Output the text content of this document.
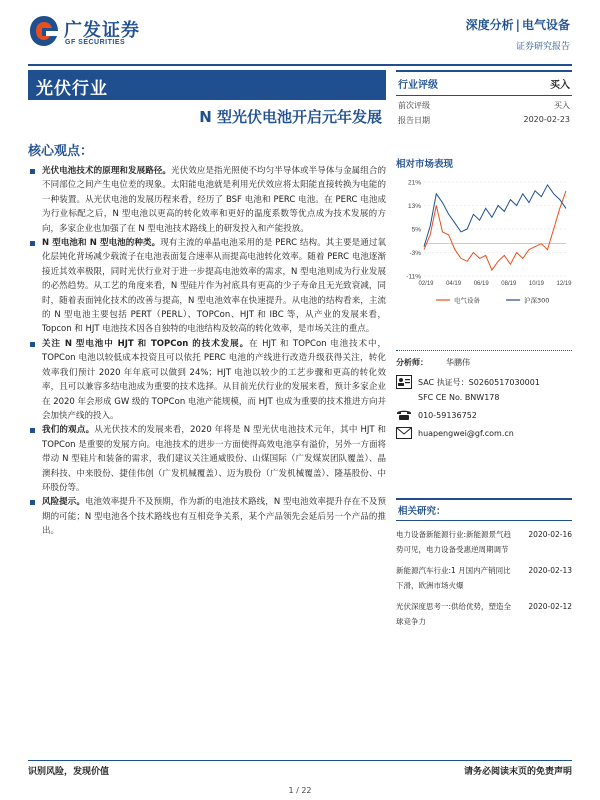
广发证券
GF SECURITIES
深度分析 | 电气设备
证券研究报告
光伏行业
N 型光伏电池开启元年发展
核心观点：
光伏电池技术的原理和发展路径。光伏效应是指光照使不均匀半导体或半导体与金属组合的不同部位之间产生电位差的现象。太阳能电池就是利用光伏效应将太阳能直接转换为电能的一种装置。从光伏电池的发展历程来看，经历了 BSF 电池和 PERC 电池。在 PERC 电池成为行业标配之后，N 型电池以更高的转化效率和更好的温度系数等优点成为技术发展的方向，多家企业也加强了在 N 型电池技术路线上的研发投入和产能投放。
N 型电池和 N 型电池的种类。现有主流的单晶电池采用的是 PERC 结构。其主要是通过氧化层钝化背场减少载流子在电池表面复合速率从而提高电池转化效率。随着 PERC 电池逐渐接近其效率极限，同时光伏行业对于进一步提高电池效率的需求，N 型电池则成为行业发展的必然趋势。从工艺的角度来看，N 型硅片作为衬底具有更高的少子寿命且无光致衰减，同时，随着表面钝化技术的改善与提高，N 型电池效率在快速提升。从电池的结构看来，主流的 N 型电池主要包括 PERT（PERL）、TOPCon、HJT 和 IBC 等，从产业的发展来看，Topcon 和 HJT 电池技术因各自独特的电池结构及较高的转化效率，是市场关注的重点。
关注 N 型电池中 HJT 和 TOPCon 的技术发展。在 HJT 和 TOPCon 电池技术中，TOPCon 电池以较低成本投资且可以依托 PERC 电池的产线进行改造升级获得关注，转化效率我们预计 2020 年年底可以做到 24%；HJT 电池以较少的工艺步骤和更高的转化效率，且可以兼容多结电池成为重要的技术选择。从目前光伏行业的发展来看，预计多家企业在 2020 年会形成 GW 级的 TOPCon 电池产能规模，而 HJT 也成为重要的技术推进方向并会加快产线的投入。
我们的观点。从光伏技术的发展来看，2020 年将是 N 型光伏电池技术元年，其中 HJT 和 TOPCon 是重要的发展方向。电池技术的进步一方面使得高效电池享有溢价，另外一方面将带动 N 型硅片和装备的需求，我们建议关注通威股份、山煤国际（广发煤炭团队覆盖）、晶澳科技、中来股份、捷佳伟创（广发机械覆盖）、迈为股份（广发机械覆盖）、隆基股份、中环股份等。
风险提示。电池效率提升不及预期，作为新的电池技术路线，N 型电池效率提升存在不及预期的可能；N 型电池各个技术路线也有互相竞争关系，某个产品领先会延后另一个产品的推出。
行业评级	买入
前次评级	买入
报告日期	2020-02-23
相对市场表现
21%
13%
5%
-3%
-11%
02/19 04/19 06/19 08/19 10/19 12/19
电气设备	沪深300
分析师：	华鹏伟
SAC 执证号：S0260517030001
SFC CE No. BNW178
010-59136752
huapengwei@gf.com.cn
相关研究：
电力设备新能源行业:新能源景气趋势可见，电力设备受惠逆周期调节
2020-02-16
新能源汽车行业:1 月国内产销同比下滑，欧洲市场火爆
2020-02-13
光伏深度思考一:供给优势，塑造全球竞争力
2020-02-12
识别风险，发现价值	请务必阅读末页的免责声明
1 / 22
